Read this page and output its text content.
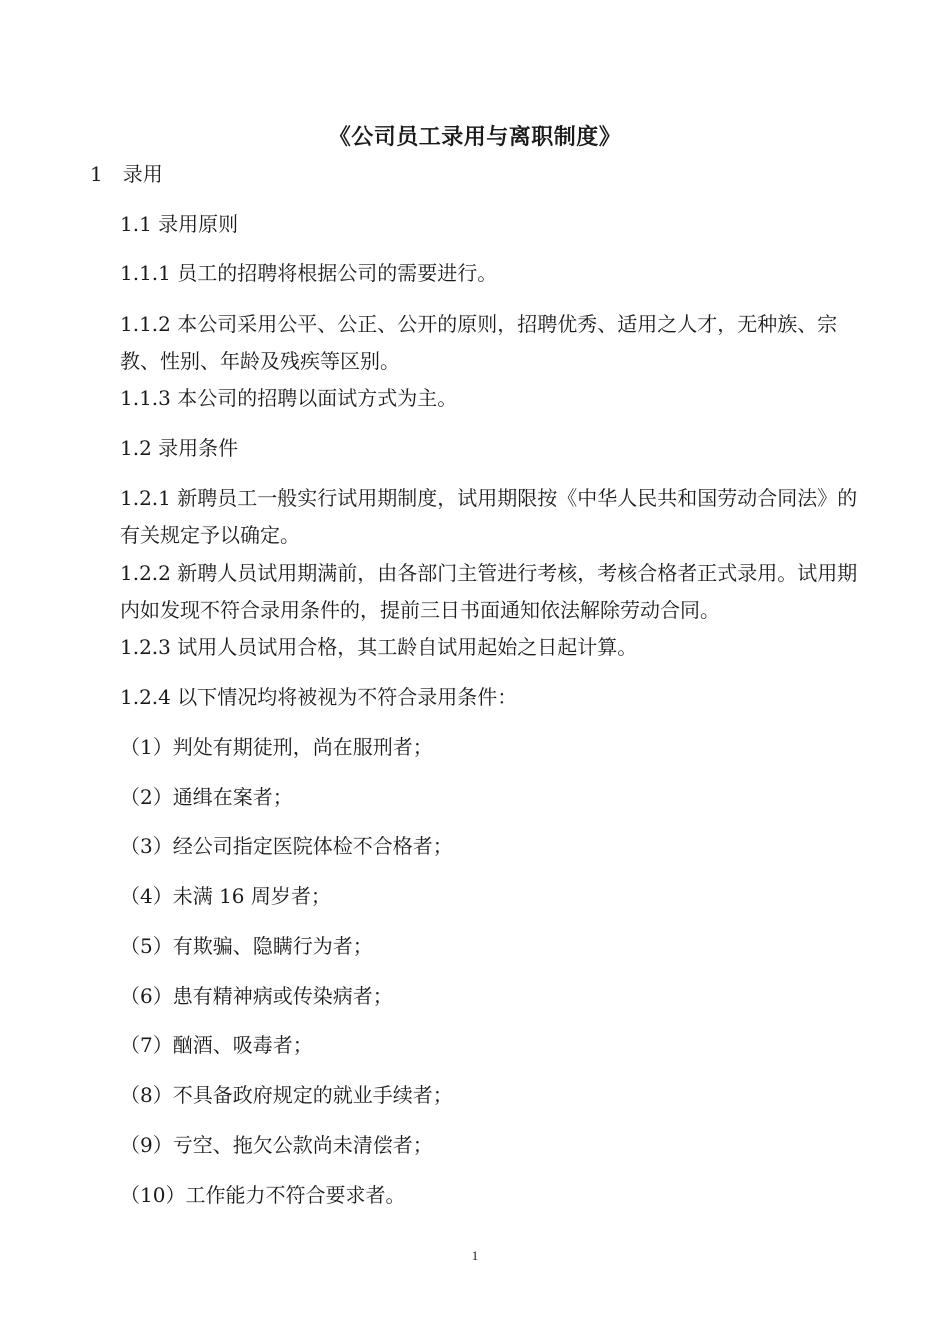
《公司员工录用与离职制度》
1　录用
1.1 录用原则
1.1.1 员工的招聘将根据公司的需要进行。
1.1.2 本公司采用公平、公正、公开的原则，招聘优秀、适用之人才，无种族、宗教、性别、年龄及残疾等区别。
1.1.3 本公司的招聘以面试方式为主。
1.2 录用条件
1.2.1 新聘员工一般实行试用期制度，试用期限按《中华人民共和国劳动合同法》的有关规定予以确定。
1.2.2 新聘人员试用期满前，由各部门主管进行考核，考核合格者正式录用。试用期内如发现不符合录用条件的，提前三日书面通知依法解除劳动合同。
1.2.3 试用人员试用合格，其工龄自试用起始之日起计算。
1.2.4 以下情况均将被视为不符合录用条件：
（1）判处有期徒刑，尚在服刑者；
（2）通缉在案者；
（3）经公司指定医院体检不合格者；
（4）未满 16 周岁者；
（5）有欺骗、隐瞒行为者；
（6）患有精神病或传染病者；
（7）酗酒、吸毒者；
（8）不具备政府规定的就业手续者；
（9）亏空、拖欠公款尚未清偿者；
（10）工作能力不符合要求者。
1
